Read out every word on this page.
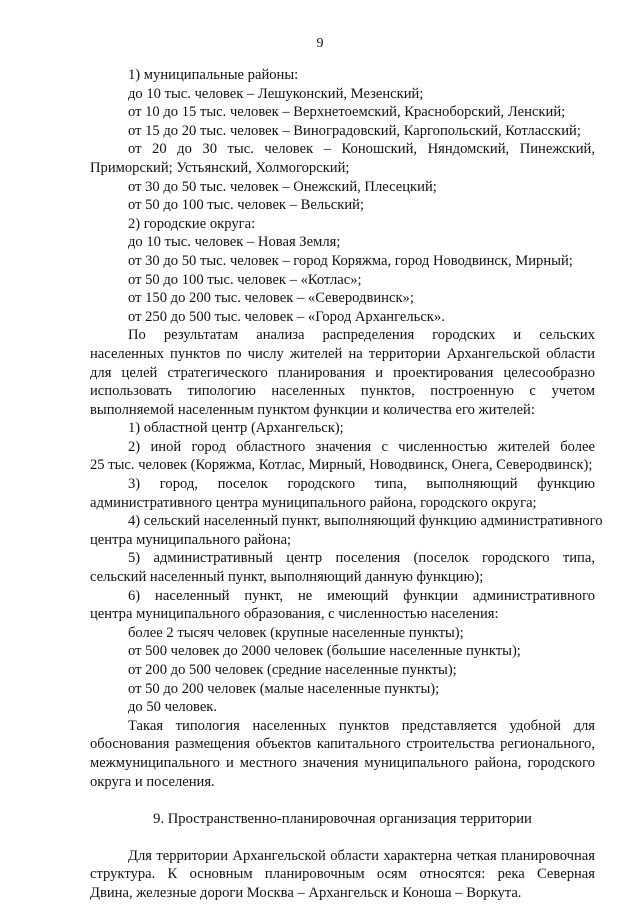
9
1) муниципальные районы:
до 10 тыс. человек – Лешуконский, Мезенский;
от 10 до 15 тыс. человек – Верхнетоемский, Красноборский, Ленский;
от 15 до 20 тыс. человек – Виноградовский, Каргопольский, Котласский;
от 20 до 30 тыс. человек – Коношский, Няндомский, Пинежский,
Приморский; Устьянский, Холмогорский;
от 30 до 50 тыс. человек – Онежский, Плесецкий;
от 50 до 100 тыс. человек – Вельский;
2) городские округа:
до 10 тыс. человек – Новая Земля;
от 30 до 50 тыс. человек – город Коряжма, город Новодвинск, Мирный;
от 50 до 100 тыс. человек – «Котлас»;
от 150 до 200 тыс. человек – «Северодвинск»;
от 250 до 500 тыс. человек – «Город Архангельск».
По результатам анализа распределения городских и сельских
населенных пунктов по числу жителей на территории Архангельской области
для целей стратегического планирования и проектирования целесообразно
использовать типологию населенных пунктов, построенную с учетом
выполняемой населенным пунктом функции и количества его жителей:
1) областной центр (Архангельск);
2) иной город областного значения с численностью жителей более
25 тыс. человек (Коряжма, Котлас, Мирный, Новодвинск, Онега, Северодвинск);
3) город, поселок городского типа, выполняющий функцию
административного центра муниципального района, городского округа;
4) сельский населенный пункт, выполняющий функцию административного
центра муниципального района;
5) административный центр поселения (поселок городского типа,
сельский населенный пункт, выполняющий данную функцию);
6) населенный пункт, не имеющий функции административного
центра муниципального образования, с численностью населения:
более 2 тысяч человек (крупные населенные пункты);
от 500 человек до 2000 человек (большие населенные пункты);
от 200 до 500 человек (средние населенные пункты);
от 50 до 200 человек (малые населенные пункты);
до 50 человек.
Такая типология населенных пунктов представляется удобной для
обоснования размещения объектов капитального строительства регионального,
межмуниципального и местного значения муниципального района, городского
округа и поселения.
9. Пространственно-планировочная организация территории
Для территории Архангельской области характерна четкая планировочная
структура. К основным планировочным осям относятся: река Северная
Двина, железные дороги Москва – Архангельск и Коноша – Воркута.
